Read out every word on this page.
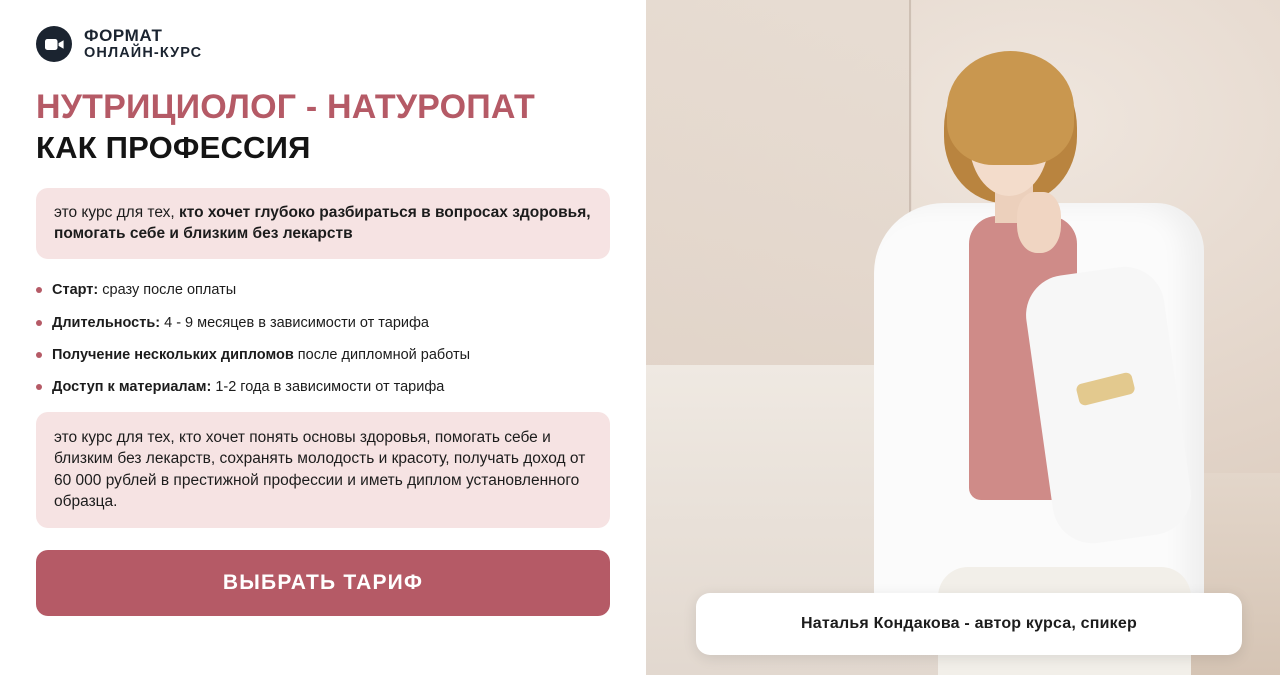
ФОРМАТ
ОНЛАЙН-КУРС
НУТРИЦИОЛОГ - НАТУРОПАТ
КАК ПРОФЕССИЯ
это курс для тех, кто хочет глубоко разбираться в вопросах здоровья, помогать себе и близким без лекарств
Старт: сразу после оплаты
Длительность: 4 - 9 месяцев в зависимости от тарифа
Получение нескольких дипломов после дипломной работы
Доступ к материалам: 1-2 года в зависимости от тарифа
это курс для тех, кто хочет понять основы здоровья, помогать себе и близким без лекарств, сохранять молодость и красоту, получать доход от 60 000 рублей в престижной профессии и иметь диплом установленного образца.
ВЫБРАТЬ ТАРИФ
Наталья Кондакова - автор курса, спикер
